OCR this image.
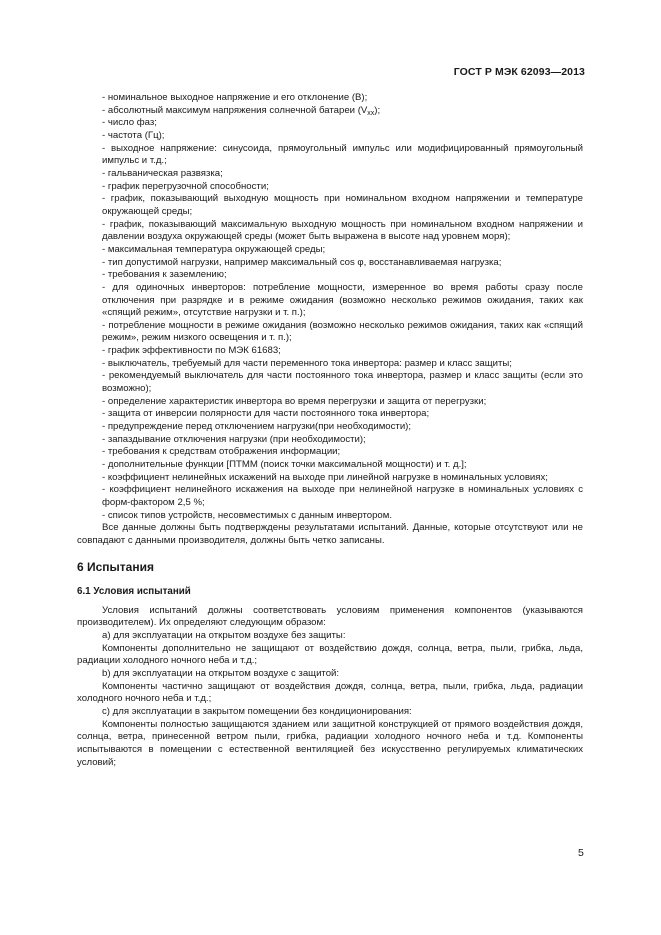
ГОСТ Р МЭК 62093—2013
- номинальное выходное напряжение и его отклонение (В);
- абсолютный максимум напряжения солнечной батареи $(V_{хх})$;
- число фаз;
- частота (Гц);
- выходное напряжение: синусоида, прямоугольный импульс или модифицированный прямоугольный импульс и т.д.;
- гальваническая развязка;
- график перегрузочной способности;
- график, показывающий выходную мощность при номинальном входном напряжении и температуре окружающей среды;
- график, показывающий максимальную выходную мощность при номинальном входном напряжении и давлении воздуха окружающей среды (может быть выражена в высоте над уровнем моря);
- максимальная температура окружающей среды;
- тип допустимой нагрузки, например максимальный cos φ, восстанавливаемая нагрузка;
- требования к заземлению;
- для одиночных инверторов: потребление мощности, измеренное во время работы сразу после отключения при разрядке и в режиме ожидания (возможно несколько режимов ожидания, таких как «спящий режим», отсутствие нагрузки и т. п.);
- потребление мощности в режиме ожидания (возможно несколько режимов ожидания, таких как «спящий режим», режим низкого освещения и т. п.);
- график эффективности по МЭК 61683;
- выключатель, требуемый для части переменного тока инвертора: размер и класс защиты;
- рекомендуемый выключатель для части постоянного тока инвертора, размер и класс защиты (если это возможно);
- определение характеристик инвертора во время перегрузки и защита от перегрузки;
- защита от инверсии полярности для части постоянного тока инвертора;
- предупреждение перед отключением нагрузки(при необходимости);
- запаздывание отключения нагрузки (при необходимости);
- требования к средствам отображения информации;
- дополнительные функции [ПТММ (поиск точки максимальной мощности) и т. д.];
- коэффициент нелинейных искажений на выходе при линейной нагрузке в номинальных условиях;
- коэффициент нелинейного искажения на выходе при нелинейной нагрузке в номинальных условиях с форм-фактором 2,5 %;
- список типов устройств, несовместимых с данным инвертором.

Все данные должны быть подтверждены результатами испытаний. Данные, которые отсутствуют или не совпадают с данными производителя, должны быть четко записаны.

6 Испытания
6.1 Условия испытаний

Условия испытаний должны соответствовать условиям применения компонентов (указываются производителем). Их определяют следующим образом:

а) для эксплуатации на открытом воздухе без защиты:

Компоненты дополнительно не защищают от воздействию дождя, солнца, ветра, пыли, грибка, льда, радиации холодного ночного неба и т.д.;

b) для эксплуатации на открытом воздухе с защитой:

Компоненты частично защищают от воздействия дождя, солнца, ветра, пыли, грибка, льда, радиации холодного ночного неба и т.д.;

с) для эксплуатации в закрытом помещении без кондиционирования:

Компоненты полностью защищаются зданием или защитной конструкцией от прямого воздействия дождя, солнца, ветра, принесенной ветром пыли, грибка, радиации холодного ночного неба и т.д. Компоненты испытываются в помещении с естественной вентиляцией без искусственно регулируемых климатических условий;

5
